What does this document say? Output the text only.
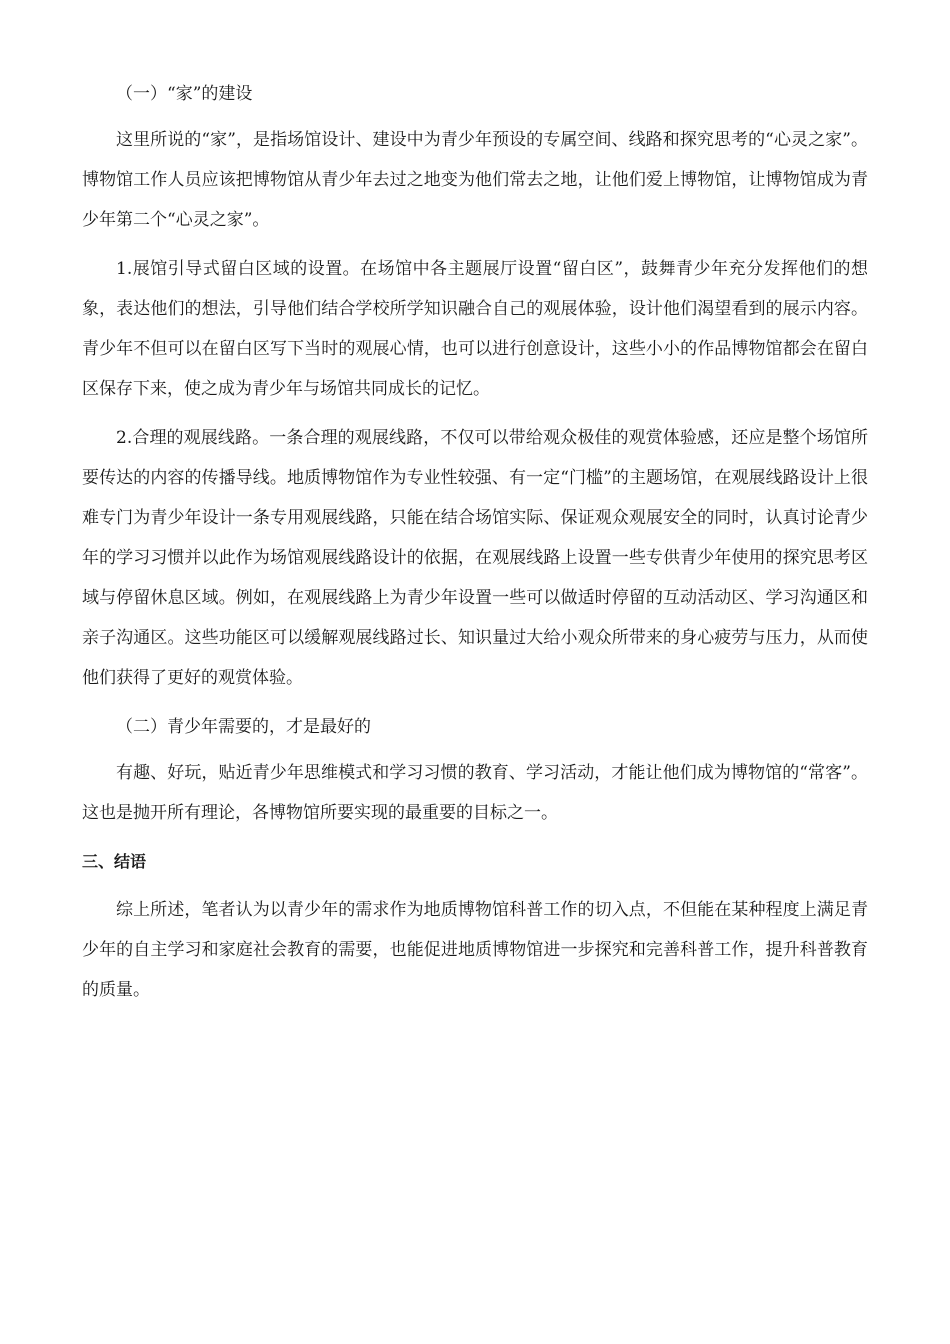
（一）“家”的建设

这里所说的“家”，是指场馆设计、建设中为青少年预设的专属空间、线路和探究思考的“心灵之家”。博物馆工作人员应该把博物馆从青少年去过之地变为他们常去之地，让他们爱上博物馆，让博物馆成为青少年第二个“心灵之家”。

1.展馆引导式留白区域的设置。在场馆中各主题展厅设置“留白区”，鼓舞青少年充分发挥他们的想象，表达他们的想法，引导他们结合学校所学知识融合自己的观展体验，设计他们渴望看到的展示内容。青少年不但可以在留白区写下当时的观展心情，也可以进行创意设计，这些小小的作品博物馆都会在留白区保存下来，使之成为青少年与场馆共同成长的记忆。

2.合理的观展线路。一条合理的观展线路，不仅可以带给观众极佳的观赏体验感，还应是整个场馆所要传达的内容的传播导线。地质博物馆作为专业性较强、有一定“门槛”的主题场馆，在观展线路设计上很难专门为青少年设计一条专用观展线路，只能在结合场馆实际、保证观众观展安全的同时，认真讨论青少年的学习习惯并以此作为场馆观展线路设计的依据，在观展线路上设置一些专供青少年使用的探究思考区域与停留休息区域。例如，在观展线路上为青少年设置一些可以做适时停留的互动活动区、学习沟通区和亲子沟通区。这些功能区可以缓解观展线路过长、知识量过大给小观众所带来的身心疲劳与压力，从而使他们获得了更好的观赏体验。

（二）青少年需要的，才是最好的

有趣、好玩，贴近青少年思维模式和学习习惯的教育、学习活动，才能让他们成为博物馆的“常客”。这也是抛开所有理论，各博物馆所要实现的最重要的目标之一。

三、结语

综上所述，笔者认为以青少年的需求作为地质博物馆科普工作的切入点，不但能在某种程度上满足青少年的自主学习和家庭社会教育的需要，也能促进地质博物馆进一步探究和完善科普工作，提升科普教育的质量。
